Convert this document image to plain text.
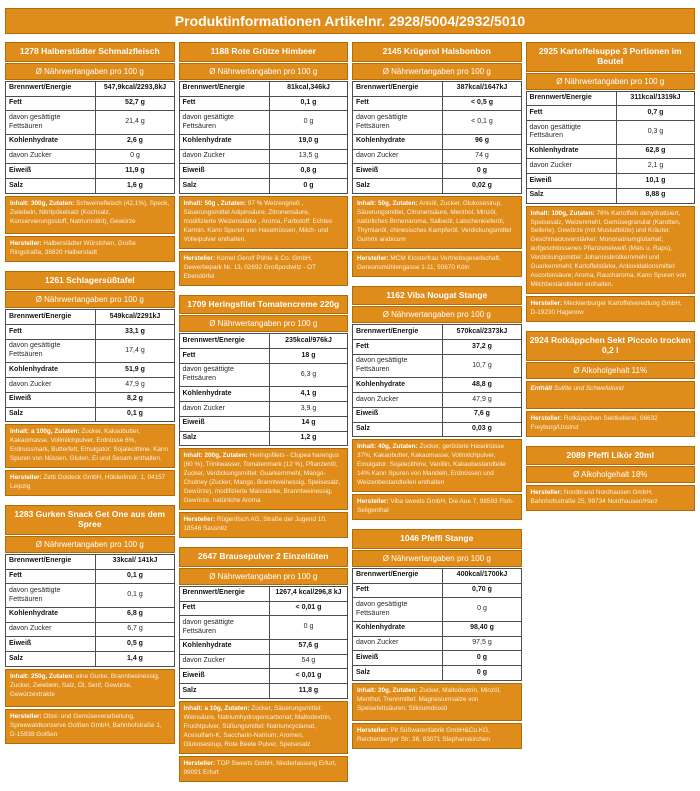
Produktinformationen Artikelnr. 2928/5004/2932/5010
1278 Halberstädter Schmalzfleisch
Ø Nährwertangaben pro 100 g
Brennwert/Energie	547,9kcal/2293,8kJ
Fett	52,7 g
davon gesättigte Fettsäuren	21,4 g
Kohlenhydrate	2,6 g
davon Zucker	0 g
Eiweiß	11,9 g
Salz	1,6 g
Inhalt: 300g, Zutaten: Schweinefleisch (42,1%), Speck, Zwiebeln, Nitritpökelsalz (Kochsalz, Konservierungsstoff, Natriumnitrit), Gewürze
Hersteller: Halberstädter Würstchen, Große Ringstraße, 38820 Halberstadt
1261 Schlagersüßtafel
Ø Nährwertangaben pro 100 g
Brennwert/Energie	549kcal/2291kJ
Fett	33,1 g
davon gesättigte Fettsäuren	17,4 g
Kohlenhydrate	51,9 g
davon Zucker	47,9 g
Eiweiß	8,2 g
Salz	0,1 g
Inhalt: a 100g, Zutaten: Zucker, Kakaobutter, Kakaomasse, Vollmilchpulver, Erdnüsse 6%, Erdnussmark, Butterfett, Emulgator: Sojalecithine. Kann Spuren von Nüssen, Gluten, Ei und Sesam enthalten.
Hersteller: Zetti Goldeck GmbH, Hölderlinstr. 1, 04157 Leipzig
1283 Gurken Snack Get One aus dem Spree
Ø Nährwertangaben pro 100 g
Brennwert/Energie	33kcal/ 141kJ
Fett	0,1 g
davon gesättigte Fettsäuren	0,1 g
Kohlenhydrate	6,8 g
davon Zucker	6,7 g
Eiweiß	0,5 g
Salz	1,4 g
Inhalt: 250g, Zutaten: eine Gurke, Branntweinessig, Zucker, Zwiebeln, Salz, Öl, Senf, Gewürze, Gewürzextrakte
Hersteller: Obst- und Gemüseverarbeitung, Spreewaldkonserve Golßen GmbH, Bahnhofstraße 1, D-15938 Golßen
1188 Rote Grütze Himbeer
Ø Nährwertangaben pro 100 g
Brennwert/Energie	81kcal,346kJ
Fett	0,1 g
davon gesättigte Fettsäuren	0 g
Kohlenhydrate	19,0 g
davon Zucker	13,5 g
Eiweiß	0,8 g
Salz	0 g
Inhalt: 50g , Zutaten: 97 % Weizengrieß , Säuerungsmittel Adipinsäure, Zitronensäure, modifizierte Weizenstärke , Aroma, Farbstoff: Echtes Karmin. Kann Spuren von Haselnüssen, Milch- und Volleipulver enthalten.
Hersteller: Komet Gerolf Pöhle & Co. GmbH, Gewerbepark Nr. 13, 02692 Großpostwitz - OT Ebendörfel
1709 Heringsfilet Tomatencreme 220g
Ø Nährwertangaben pro 100 g
Brennwert/Energie	235kcal/976kJ
Fett	18 g
davon gesättigte Fettsäuren	6,3 g
Kohlenhydrate	4,1 g
davon Zucker	3,9 g
Eiweiß	14 g
Salz	1,2 g
Inhalt: 200g, Zutaten: Heringsfilets - Clupea harengus (60 %), Trinkwasser, Tomatenmark (12 %), Pflanzenöl, Zucker, Verdickungsmittel: Guarkernmehl; Mango-Chutney (Zucker, Mango, Branntweinessig, Speisesalz, Gewürze), modifizierte Maisstärke, Branntweinessig, Gewürze, natürliche Aroma
Hersteller: Rügenfisch AG, Straße der Jugend 10, 18546 Sassnitz
2647 Brausepulver 2 Einzeltüten
Ø Nährwertangaben pro 100 g
Brennwert/Energie	1267,4 kcal/296,8 kJ
Fett	< 0,01 g
davon gesättigte Fettsäuren	0 g
Kohlenhydrate	57,6 g
davon Zucker	54 g
Eiweiß	< 0,01 g
Salz	11,8 g
Inhalt: a 10g, Zutaten: Zucker, Säuerungsmittel: Weinsäure, Natriumhydrogencarbonat; Maltodextrin, Fruchtpulver, Süßungsmittel: Natriumcyclamat, Acesulfam-K, Saccharin-Natrium; Aromen, Glukosesirup, Rote Beete Pulver, Speisesalz
Hersteller: TOP Sweets GmbH, Niederlassung Erfurt, 99091 Erfurt
2145 Krügerol Halsbonbon
Ø Nährwertangaben pro 100 g
Brennwert/Energie	387kcal/1647kJ
Fett	< 0,5 g
davon gesättigte Fettsäuren	< 0,1 g
Kohlenhydrate	96 g
davon Zucker	74 g
Eiweiß	0 g
Salz	0,02 g
Inhalt: 50g, Zutaten: Anisöl, Zucker, Glukosesirup, Säuerungsmittel, Citronensäure, Menthol, Minzöl, natürliches Birnenaroma, Salbeiöl, Latschenkieferöl, Thymianöl, chinesisches Kampferöl, Verdickungsmittel Gummi arabicum
Hersteller: MCM Klosterfrau Vertriebsgesellschaft, Gereonsmühlengasse 1-11, 50670 Köln
1162 Viba Nougat Stange
Ø Nährwertangaben pro 100 g
Brennwert/Energie	570kcal/2373kJ
Fett	37,2 g
davon gesättigte Fettsäuren	10,7 g
Kohlenhydrate	48,8 g
davon Zucker	47,9 g
Eiweiß	7,6 g
Salz	0,03 g
Inhalt: 40g, Zutaten: Zucker, geröstete Haselnüsse 37%, Kakaobutter, Kakaomasse, Vollmilchpulver, Emulgator: Sojalecithine, Vanillin, Kakaobestandteile 14% Kann Spuren von Mandeln, Erdnüssen und Weizenbestandteilen enthalten
Hersteller: Viba sweets GmbH, Die Aue 7, 98593 Floh-Seligenthal
1046 Pfeffi Stange
Ø Nährwertangaben pro 100 g
Brennwert/Energie	400kcal/1700kJ
Fett	0,70 g
davon gesättigte Fettsäuren	0 g
Kohlenhydrate	98,40 g
davon Zucker	97,5 g
Eiweiß	0 g
Salz	0 g
Inhalt: 20g, Zutaten: Zucker, Maltodextrin, Minzöl, Menthol, Trennmittel: Magnesiumsalze von Speisefettsäuren; Siliciumdioxid
Hersteller: Pit Süßwarenfabrik GmbH&Co.KG, Reichenberger Str. 36, 83071 Stephanskirchen
2925 Kartoffelsuppe 3 Portionen im Beutel
Ø Nährwertangaben pro 100 g
Brennwert/Energie	311kcal/1319kJ
Fett	0,7 g
davon gesättigte Fettsäuren	0,3 g
Kohlenhydrate	62,8 g
davon Zucker	2,1 g
Eiweiß	10,1 g
Salz	8,88 g
Inhalt: 100g, Zutaten: 78% Kartoffeln dehydratisiert, Speisesalz, Weizenmehl, Gemüsegranulat (Karotten, Sellerie), Gewürze (mit Muskatblüte) und Kräuter, Geschmacksverstärker: Mononatriumglutamat; aufgeschlossenes Pflanzeneiweiß (Mais u. Raps), Verdickungsmittel: Johannisbrotkernmehl und Guarkernmehl; Kartoffelstärke, Antioxidationsmittel: Ascorbinsäure; Aroma, Raucharoma. Kann Spuren von Milchbestandteilen enthalten.
Hersteller: Mecklenburger Kartoffelveredlung GmbH, D-19230 Hagenow
2924 Rotkäppchen Sekt Piccolo trocken 0,2 l
Ø Alkoholgehalt 11%
Enthält Sulfite und Schwefeloxid
Hersteller: Rotkäppchen Sektkellerei, 06632 Freyburg/Unstrut
2089 Pfeffi Likör 20ml
Ø Alkoholgehalt 18%
Hersteller: Nordbrand Nordhausen GmbH, Bahnhofsstraße 25, 99734 Nordhausen/Harz
